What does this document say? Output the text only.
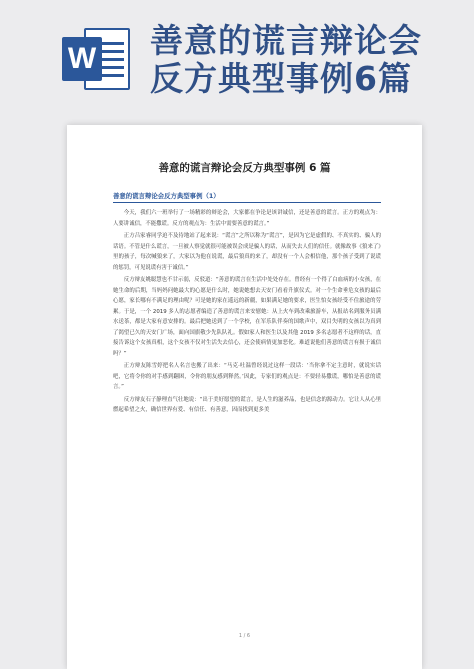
W 善意的谎言辩论会
反方典型事例6篇
善意的谎言辩论会反方典型事例 6 篇
善意的谎言辩论会反方典型事例（1）

今天，我们六一班举行了一场精彩的辩论会，大家都在争论是该讲诚信，还是善意的谎言。正方的观点为：人要讲诚信，不能撒谎。反方的观点为：生活中需要善意的谎言。”

正方吕家睿同学迫不及待地站了起来说：“谎言”之所以称为“谎言”，是因为它是虚假的、不真实的、骗人的话语。不管是什么谎言，一旦被人察觉就很可能被误会成是骗人的话，从而失去人们的信任。就像故事《狼来了》里的孩子，每次喊狼来了，大家以为他在说谎，最后狼真的来了，却没有一个人会相信他，那个孩子受到了说谎的惩罚，可见说谎有害于诚信。”

反方辩友姚聪慧也不甘示弱，反驳道：“善意的谎言在生活中处处存在。曾经有一个得了白血病的小女孩，在她生命的后期，当妈妈问她最大的心愿是什么时，她说她想去天安门看看升旗仪式。对一个生命垂危女孩的最后心愿，家长哪有不满足的理由呢？可是她的家在遥远的新疆，如果满足她的要求，医生怕女孩经受不住旅途的劳累。于是，一个 2019 多人的志愿者编造了善意的谎言来安慰她：从上火车到改乘旅游车，从报站名到服务员满水送茶，都是大家有意安排的。最后把她送到了一个学校，在军乐队伴奏的国歌声中，双目失明的女孩以为真到了渴望已久的天安门广场，面向国旗敬少先队队礼。假如家人和医生以及其他 2019 多名志愿者不这样的话，直接告诉这个女孩真相，这个女孩不仅对生活失去信心，还会使病情更加恶化。难道说他们善意的谎言有损于诚信吗？”

正方辩友陈雪婷把名人名言也搬了出来：“马克·吐温曾经说过这样一段话：‘当你拿不定主意时，就说实话吧，它将令你的对手感到翻困，令你的朋友感到释然。’因此，专家们的观点是：不要轻易撒谎，哪怕是善意的谎言。”

反方辩友石子静理直气壮地说：“出于美好愿望的谎言，是人生的滋养品，也是信念的源动力。它让人从心里燃起希望之火，确信世界有爱、有信任、有善意，因而找到更多美

1 / 6
